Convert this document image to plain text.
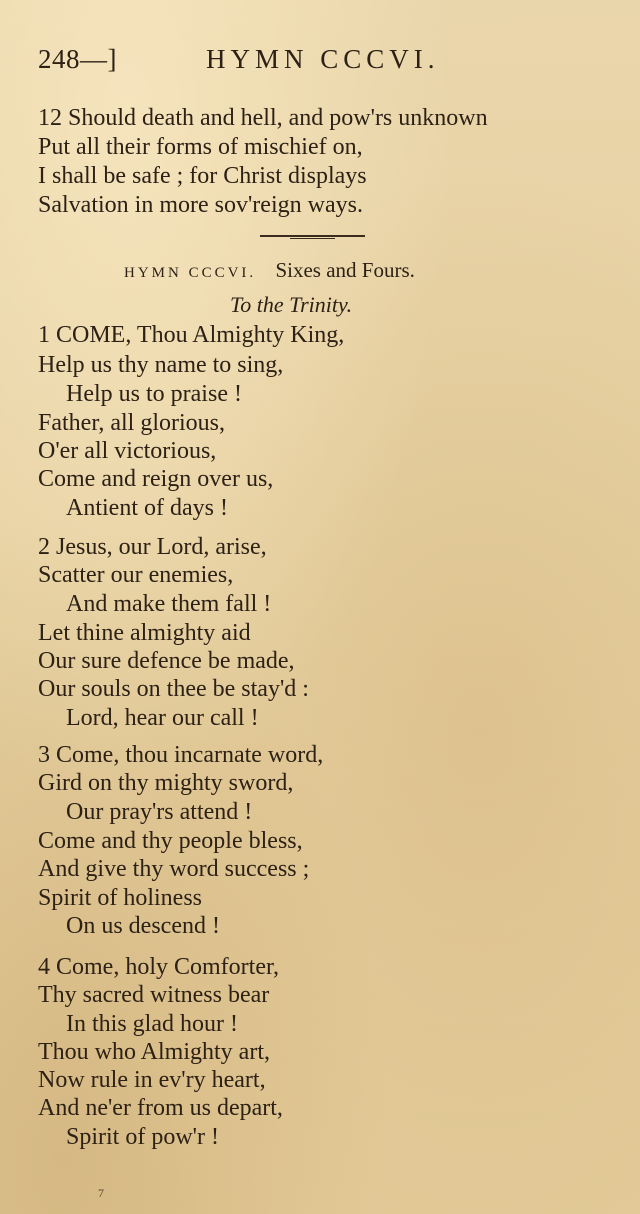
248—]	HYMN CCCVI.
12 Should death and hell, and pow'rs unknown
Put all their forms of mischief on,
I shall be safe ; for Christ displays
Salvation in more sov'reign ways.
HYMN CCCVI. Sixes and Fours.
To the Trinity.
1 COME, Thou Almighty King,
Help us thy name to sing,
Help us to praise !
Father, all glorious,
O'er all victorious,
Come and reign over us,
Antient of days !
2 Jesus, our Lord, arise,
Scatter our enemies,
And make them fall !
Let thine almighty aid
Our sure defence be made,
Our souls on thee be stay'd :
Lord, hear our call !
3 Come, thou incarnate word,
Gird on thy mighty sword,
Our pray'rs attend !
Come and thy people bless,
And give thy word success ;
Spirit of holiness
On us descend !
4 Come, holy Comforter,
Thy sacred witness bear
In this glad hour !
Thou who Almighty art,
Now rule in ev'ry heart,
And ne'er from us depart,
Spirit of pow'r !
7
